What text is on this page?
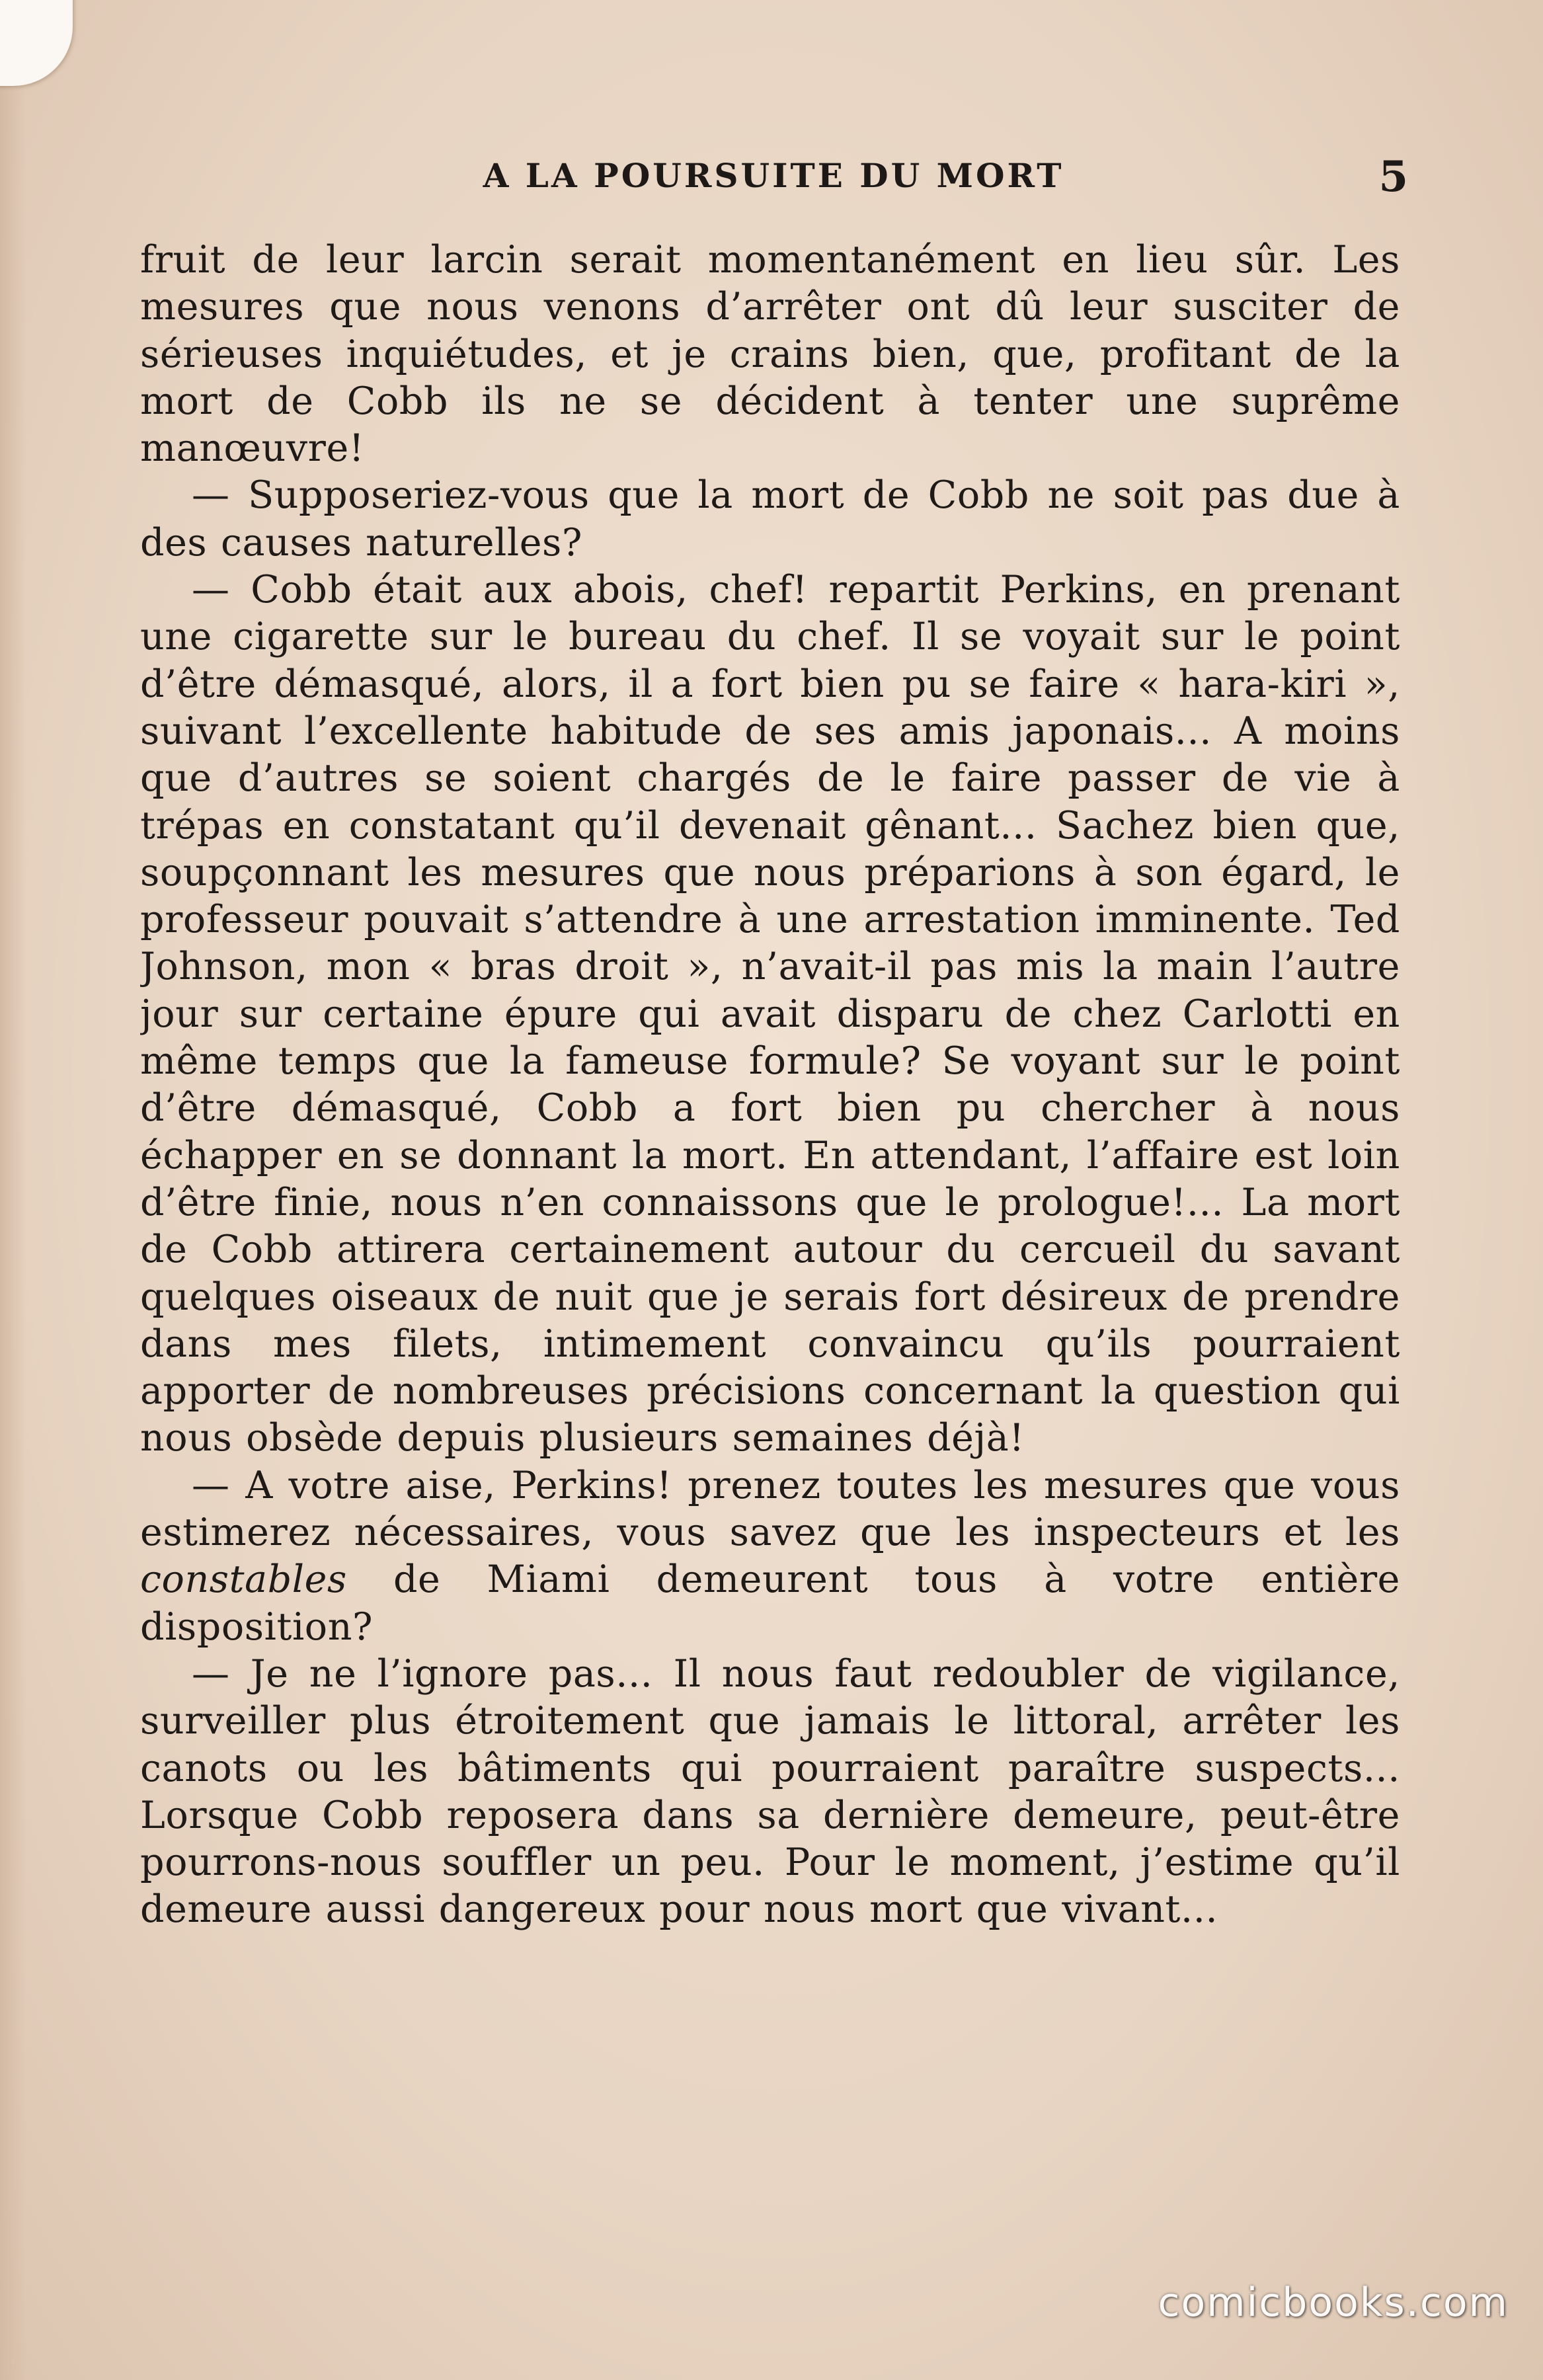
A LA POURSUITE DU MORT	5

fruit de leur larcin serait momentanément en lieu sûr. Les mesures que nous venons d’arrêter ont dû leur susciter de sérieuses inquiétudes, et je crains bien, que, profitant de la mort de Cobb ils ne se décident à tenter une suprême manœuvre!

— Supposeriez-vous que la mort de Cobb ne soit pas due à des causes naturelles?

— Cobb était aux abois, chef! repartit Perkins, en prenant une cigarette sur le bureau du chef. Il se voyait sur le point d’être démasqué, alors, il a fort bien pu se faire « hara-kiri », suivant l’excellente habitude de ses amis japonais... A moins que d’autres se soient chargés de le faire passer de vie à trépas en constatant qu’il devenait gênant... Sachez bien que, soupçonnant les mesures que nous préparions à son égard, le professeur pouvait s’attendre à une arrestation imminente. Ted Johnson, mon « bras droit », n’avait-il pas mis la main l’autre jour sur certaine épure qui avait disparu de chez Carlotti en même temps que la fameuse formule? Se voyant sur le point d’être démasqué, Cobb a fort bien pu chercher à nous échapper en se donnant la mort. En attendant, l’affaire est loin d’être finie, nous n’en connaissons que le prologue!... La mort de Cobb attirera certainement autour du cercueil du savant quelques oiseaux de nuit que je serais fort désireux de prendre dans mes filets, intimement convaincu qu’ils pourraient apporter de nombreuses précisions concernant la question qui nous obsède depuis plusieurs semaines déjà!

— A votre aise, Perkins! prenez toutes les mesures que vous estimerez nécessaires, vous savez que les inspecteurs et les constables de Miami demeurent tous à votre entière disposition?

— Je ne l’ignore pas... Il nous faut redoubler de vigilance, surveiller plus étroitement que jamais le littoral, arrêter les canots ou les bâtiments qui pourraient paraître suspects... Lorsque Cobb reposera dans sa dernière demeure, peut-être pourrons-nous souffler un peu. Pour le moment, j’estime qu’il demeure aussi dangereux pour nous mort que vivant...

comicbooks.com
